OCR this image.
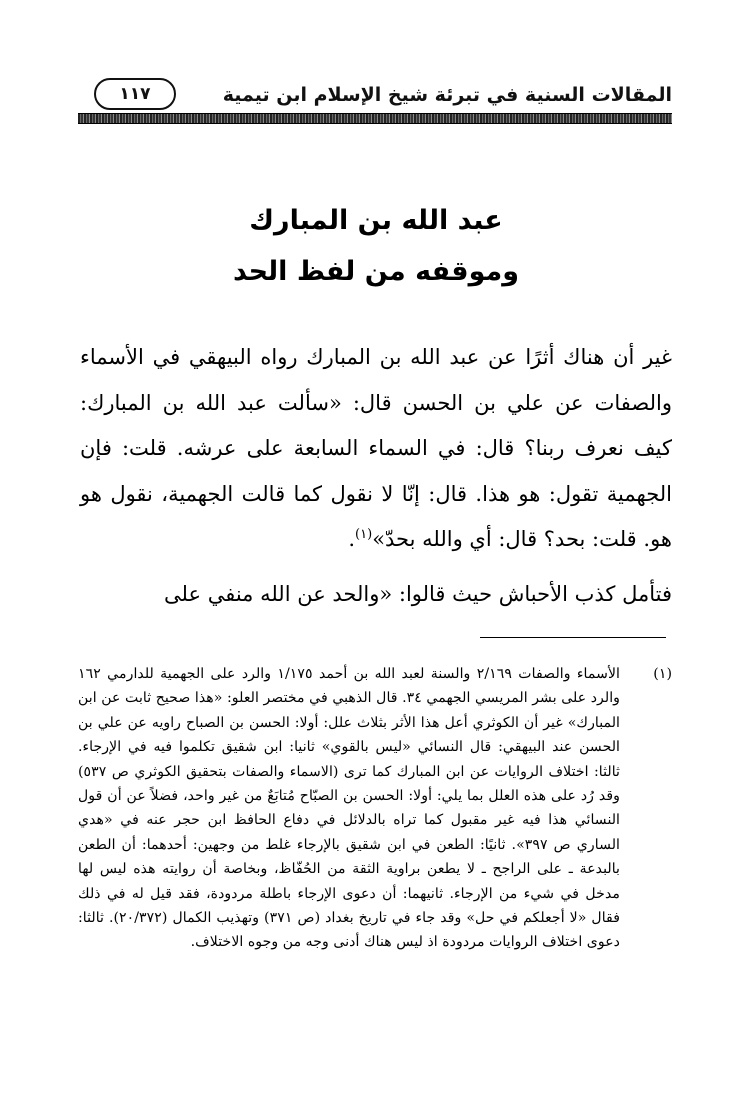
المقالات السنية في تبرئة شيخ الإسلام ابن تيمية
١١٧
عبد الله بن المبارك
وموقفه من لفظ الحد

غير أن هناك أثرًا عن عبد الله بن المبارك رواه البيهقي في الأسماء والصفات عن علي بن الحسن قال: «سألت عبد الله بن المبارك: كيف نعرف ربنا؟ قال: في السماء السابعة على عرشه. قلت: فإن الجهمية تقول: هو هذا. قال: إنّا لا نقول كما قالت الجهمية، نقول هو هو. قلت: بحد؟ قال: أي والله بحدّ»$^{(١)}$.

فتأمل كذب الأحباش حيث قالوا: «والحد عن الله منفي على

(١)
الأسماء والصفات ٢/١٦٩ والسنة لعبد الله بن أحمد ١/١٧٥ والرد على الجهمية للدارمي ١٦٢ والرد على بشر المريسي الجهمي ٣٤. قال الذهبي في مختصر العلو: «هذا صحيح ثابت عن ابن المبارك» غير أن الكوثري أعل هذا الأثر بثلاث علل: أولا: الحسن بن الصباح راويه عن علي بن الحسن عند البيهقي: قال النسائي «ليس بالقوي» ثانيا: ابن شقيق تكلموا فيه في الإرجاء. ثالثا: اختلاف الروايات عن ابن المبارك كما ترى (الاسماء والصفات بتحقيق الكوثري ص ٥٣٧) وقد رُد على هذه العلل بما يلي: أولا: الحسن بن الصبّاح مُتابَعٌ من غير واحد، فضلاً عن أن قول النسائي هذا فيه غير مقبول كما تراه بالدلائل في دفاع الحافظ ابن حجر عنه في «هدي الساري ص ٣٩٧». ثانيًا: الطعن في ابن شقيق بالإرجاء غلط من وجهين: أحدهما: أن الطعن بالبدعة ـ على الراجح ـ لا يطعن براوية الثقة من الحُفّاظ، وبخاصة أن روايته هذه ليس لها مدخل في شيء من الإرجاء. ثانيهما: أن دعوى الإرجاء باطلة مردودة، فقد قيل له في ذلك فقال «لا أجعلكم في حل» وقد جاء في تاريخ بغداد (ص ٣٧١) وتهذيب الكمال (٢٠/٣٧٢). ثالثا: دعوى اختلاف الروايات مردودة اذ ليس هناك أدنى وجه من وجوه الاختلاف.
